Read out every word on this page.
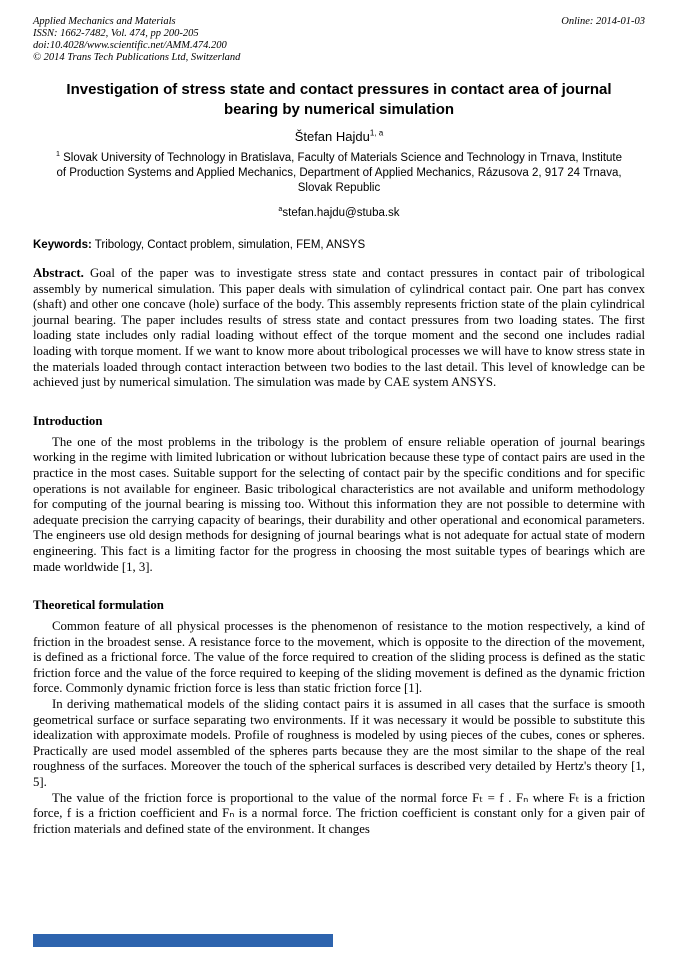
Applied Mechanics and Materials
ISSN: 1662-7482, Vol. 474, pp 200-205
doi:10.4028/www.scientific.net/AMM.474.200
© 2014 Trans Tech Publications Ltd, Switzerland
Online: 2014-01-03
Investigation of stress state and contact pressures in contact area of journal bearing by numerical simulation
Štefan Hajdu$^{1, a}$
$^1$ Slovak University of Technology in Bratislava, Faculty of Materials Science and Technology in Trnava, Institute of Production Systems and Applied Mechanics, Department of Applied Mechanics, Rázusova 2, 917 24 Trnava, Slovak Republic
$^a$stefan.hajdu@stuba.sk
Keywords: Tribology, Contact problem, simulation, FEM, ANSYS

Abstract. Goal of the paper was to investigate stress state and contact pressures in contact pair of tribological assembly by numerical simulation. This paper deals with simulation of cylindrical contact pair. One part has convex (shaft) and other one concave (hole) surface of the body. This assembly represents friction state of the plain cylindrical journal bearing. The paper includes results of stress state and contact pressures from two loading states. The first loading state includes only radial loading without effect of the torque moment and the second one includes radial loading with torque moment. If we want to know more about tribological processes we will have to know stress state in the materials loaded through contact interaction between two bodies to the last detail. This level of knowledge can be achieved just by numerical simulation. The simulation was made by CAE system ANSYS.

Introduction

The one of the most problems in the tribology is the problem of ensure reliable operation of journal bearings working in the regime with limited lubrication or without lubrication because these type of contact pairs are used in the practice in the most cases. Suitable support for the selecting of contact pair by the specific conditions and for specific operations is not available for engineer. Basic tribological characteristics are not available and uniform methodology for computing of the journal bearing is missing too. Without this information they are not possible to determine with adequate precision the carrying capacity of bearings, their durability and other operational and economical parameters. The engineers use old design methods for designing of journal bearings what is not adequate for actual state of modern engineering. This fact is a limiting factor for the progress in choosing the most suitable types of bearings which are made worldwide [1, 3].

Theoretical formulation

Common feature of all physical processes is the phenomenon of resistance to the motion respectively, a kind of friction in the broadest sense. A resistance force to the movement, which is opposite to the direction of the movement, is defined as a frictional force. The value of the force required to creation of the sliding process is defined as the static friction force and the value of the force required to keeping of the sliding movement is defined as the dynamic friction force. Commonly dynamic friction force is less than static friction force [1].

In deriving mathematical models of the sliding contact pairs it is assumed in all cases that the surface is smooth geometrical surface or surface separating two environments. If it was necessary it would be possible to substitute this idealization with approximate models. Profile of roughness is modeled by using pieces of the cubes, cones or spheres. Practically are used model assembled of the spheres parts because they are the most similar to the shape of the real roughness of the surfaces. Moreover the touch of the spherical surfaces is described very detailed by Hertz's theory [1, 5].

The value of the friction force is proportional to the value of the normal force Fₜ = f . Fₙ where Fₜ is a friction force, f is a friction coefficient and Fₙ is a normal force. The friction coefficient is constant only for a given pair of friction materials and defined state of the environment. It changes
